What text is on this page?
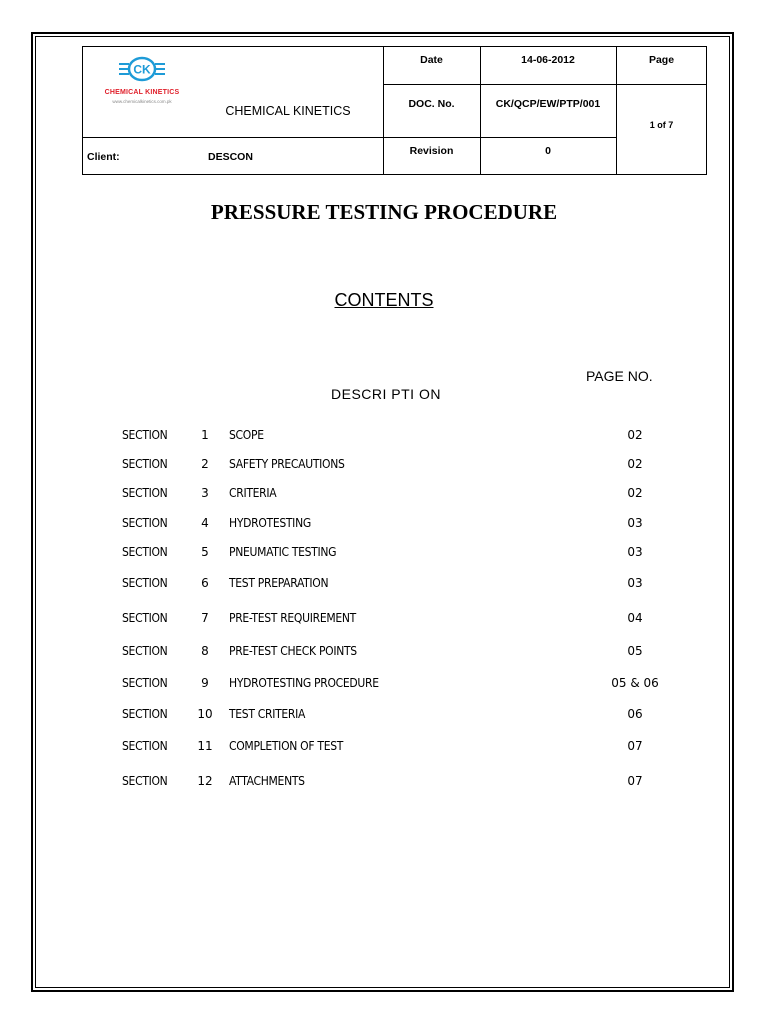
CK
CHEMICAL KINETICS
www.chemicalkinetics.com.pk
CHEMICAL KINETICS
Client:	DESCON
Date	14-06-2012	Page
DOC. No.	CK/QCP/EW/PTP/001
1 of 7
Revision	0
PRESSURE TESTING PROCEDURE
CONTENTS
PAGE NO.
DESCRI PTI ON
SECTION	1	SCOPE	02
SECTION	2	SAFETY PRECAUTIONS	02
SECTION	3	CRITERIA	02
SECTION	4	HYDROTESTING	03
SECTION	5	PNEUMATIC TESTING	03
SECTION	6	TEST PREPARATION	03
SECTION	7	PRE-TEST REQUIREMENT	04
SECTION	8	PRE-TEST CHECK POINTS	05
SECTION	9	HYDROTESTING PROCEDURE	05 & 06
SECTION 10 TEST CRITERIA	06
SECTION 11 COMPLETION OF TEST	07
SECTION 12 ATTACHMENTS	07
